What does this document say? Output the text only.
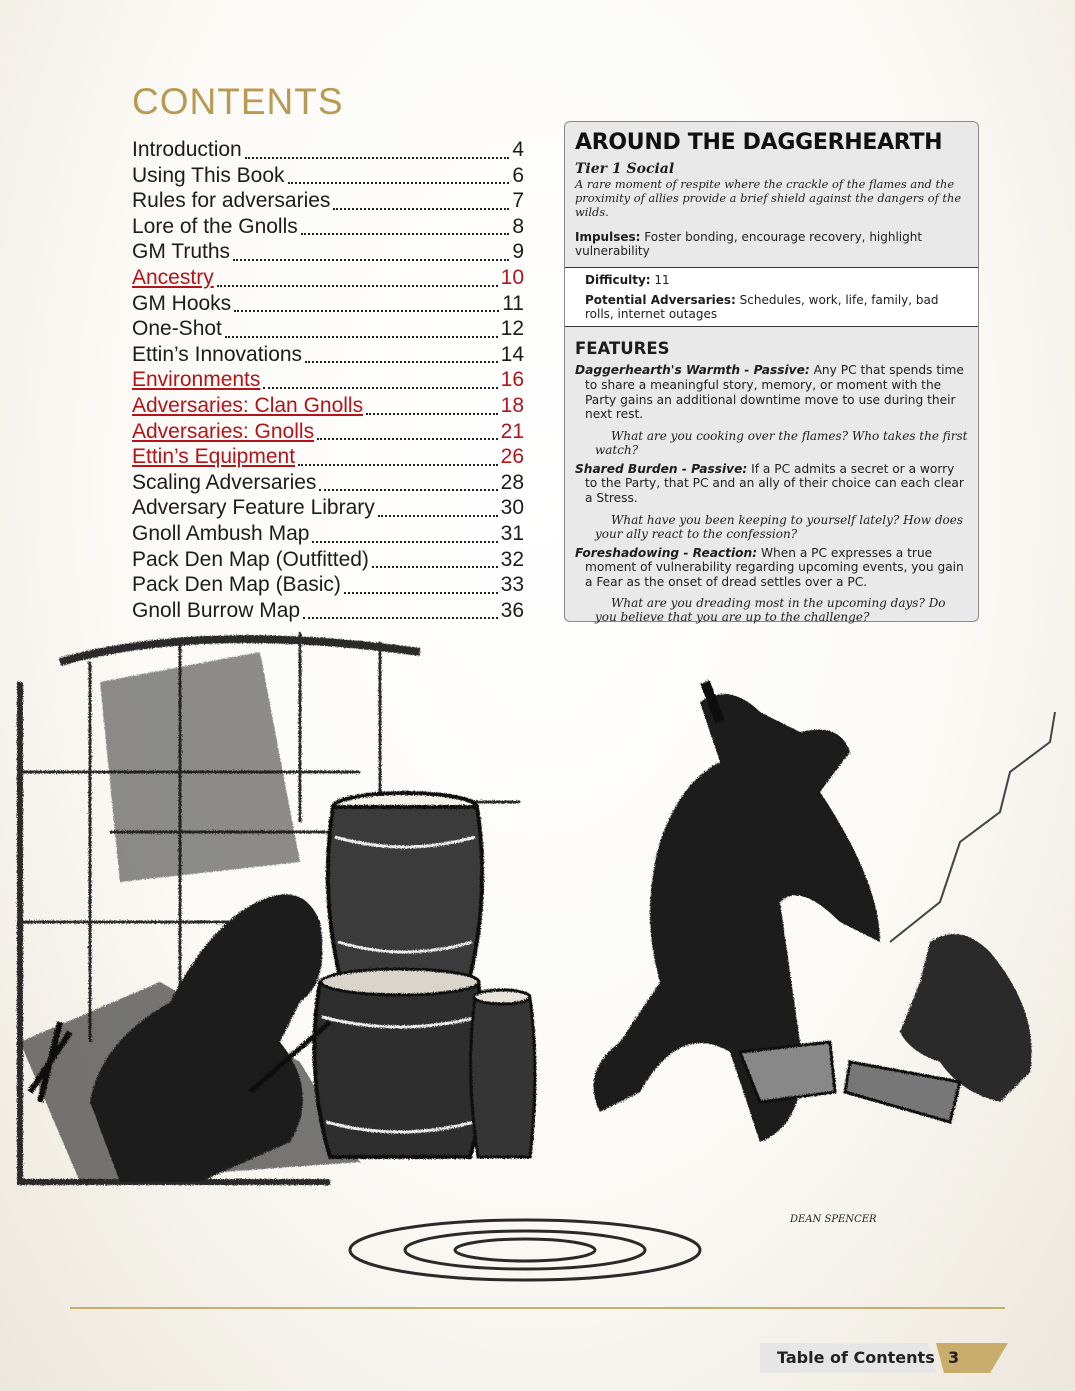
CONTENTS
Introduction	4
Using This Book	6
Rules for adversaries	7
Lore of the Gnolls	8
GM Truths	9
Ancestry	10
GM Hooks	11
One-Shot	12
Ettin’s Innovations	14
Environments	16
Adversaries: Clan Gnolls	18
Adversaries: Gnolls	21
Ettin’s Equipment	26
Scaling Adversaries	28
Adversary Feature Library	30
Gnoll Ambush Map	31
Pack Den Map (Outfitted)	32
Pack Den Map (Basic)	33
Gnoll Burrow Map	36
AROUND THE DAGGERHEARTH
Tier 1 Social
A rare moment of respite where the crackle of the flames and the proximity of allies provide a brief shield against the dangers of the wilds.
Impulses: Foster bonding, encourage recovery, highlight vulnerability
Difficulty: 11
Potential Adversaries: Schedules, work, life, family, bad rolls, internet outages
FEATURES
Daggerhearth's Warmth - Passive: Any PC that spends time to share a meaningful story, memory, or moment with the Party gains an additional downtime move to use during their next rest.
What are you cooking over the flames? Who takes the first watch?
Shared Burden - Passive: If a PC admits a secret or a worry to the Party, that PC and an ally of their choice can each clear a Stress.
What have you been keeping to yourself lately? How does your ally react to the confession?
Foreshadowing - Reaction: When a PC expresses a true moment of vulnerability regarding upcoming events, you gain a Fear as the onset of dread settles over a PC.
What are you dreading most in the upcoming days? Do you believe that you are up to the challenge?
DEAN SPENCER
Table of Contents 3
